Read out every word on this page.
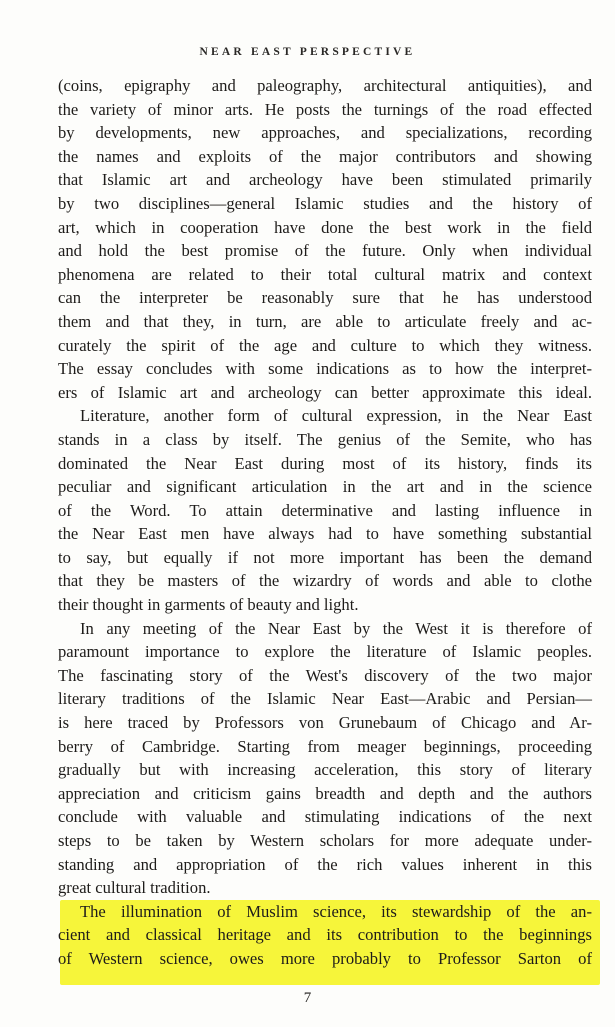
NEAR EAST PERSPECTIVE
(coins, epigraphy and paleography, architectural antiquities), and
the variety of minor arts. He posts the turnings of the road effected
by developments, new approaches, and specializations, recording
the names and exploits of the major contributors and showing
that Islamic art and archeology have been stimulated primarily
by two disciplines—general Islamic studies and the history of
art, which in cooperation have done the best work in the field
and hold the best promise of the future. Only when individual
phenomena are related to their total cultural matrix and context
can the interpreter be reasonably sure that he has understood
them and that they, in turn, are able to articulate freely and ac-
curately the spirit of the age and culture to which they witness.
The essay concludes with some indications as to how the interpret-
ers of Islamic art and archeology can better approximate this ideal.
Literature, another form of cultural expression, in the Near East
stands in a class by itself. The genius of the Semite, who has
dominated the Near East during most of its history, finds its
peculiar and significant articulation in the art and in the science
of the Word. To attain determinative and lasting influence in
the Near East men have always had to have something substantial
to say, but equally if not more important has been the demand
that they be masters of the wizardry of words and able to clothe
their thought in garments of beauty and light.
In any meeting of the Near East by the West it is therefore of
paramount importance to explore the literature of Islamic peoples.
The fascinating story of the West's discovery of the two major
literary traditions of the Islamic Near East—Arabic and Persian—
is here traced by Professors von Grunebaum of Chicago and Ar-
berry of Cambridge. Starting from meager beginnings, proceeding
gradually but with increasing acceleration, this story of literary
appreciation and criticism gains breadth and depth and the authors
conclude with valuable and stimulating indications of the next
steps to be taken by Western scholars for more adequate under-
standing and appropriation of the rich values inherent in this
great cultural tradition.
The illumination of Muslim science, its stewardship of the an-
cient and classical heritage and its contribution to the beginnings
of Western science, owes more probably to Professor Sarton of
7
